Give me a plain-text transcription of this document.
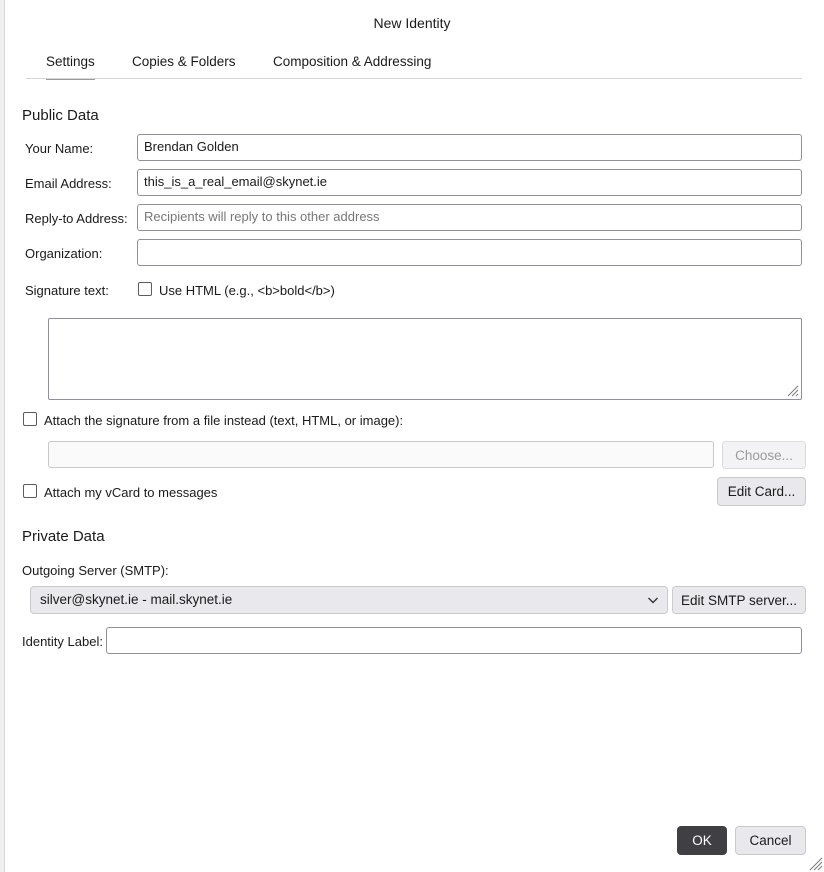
New Identity
Settings	Copies & Folders	Composition & Addressing
Public Data
Your Name:	Brendan Golden
Email Address:	this_is_a_real_email@skynet.ie
Reply-to Address:	Recipients will reply to this other address
Organization:
Signature text:	Use HTML (e.g., <b>bold</b>)
Attach the signature from a file instead (text, HTML, or image):
Choose...
Attach my vCard to messages	Edit Card...
Private Data
Outgoing Server (SMTP):
silver@skynet.ie - mail.skynet.ie	Edit SMTP server...
Identity Label:
OK	Cancel
